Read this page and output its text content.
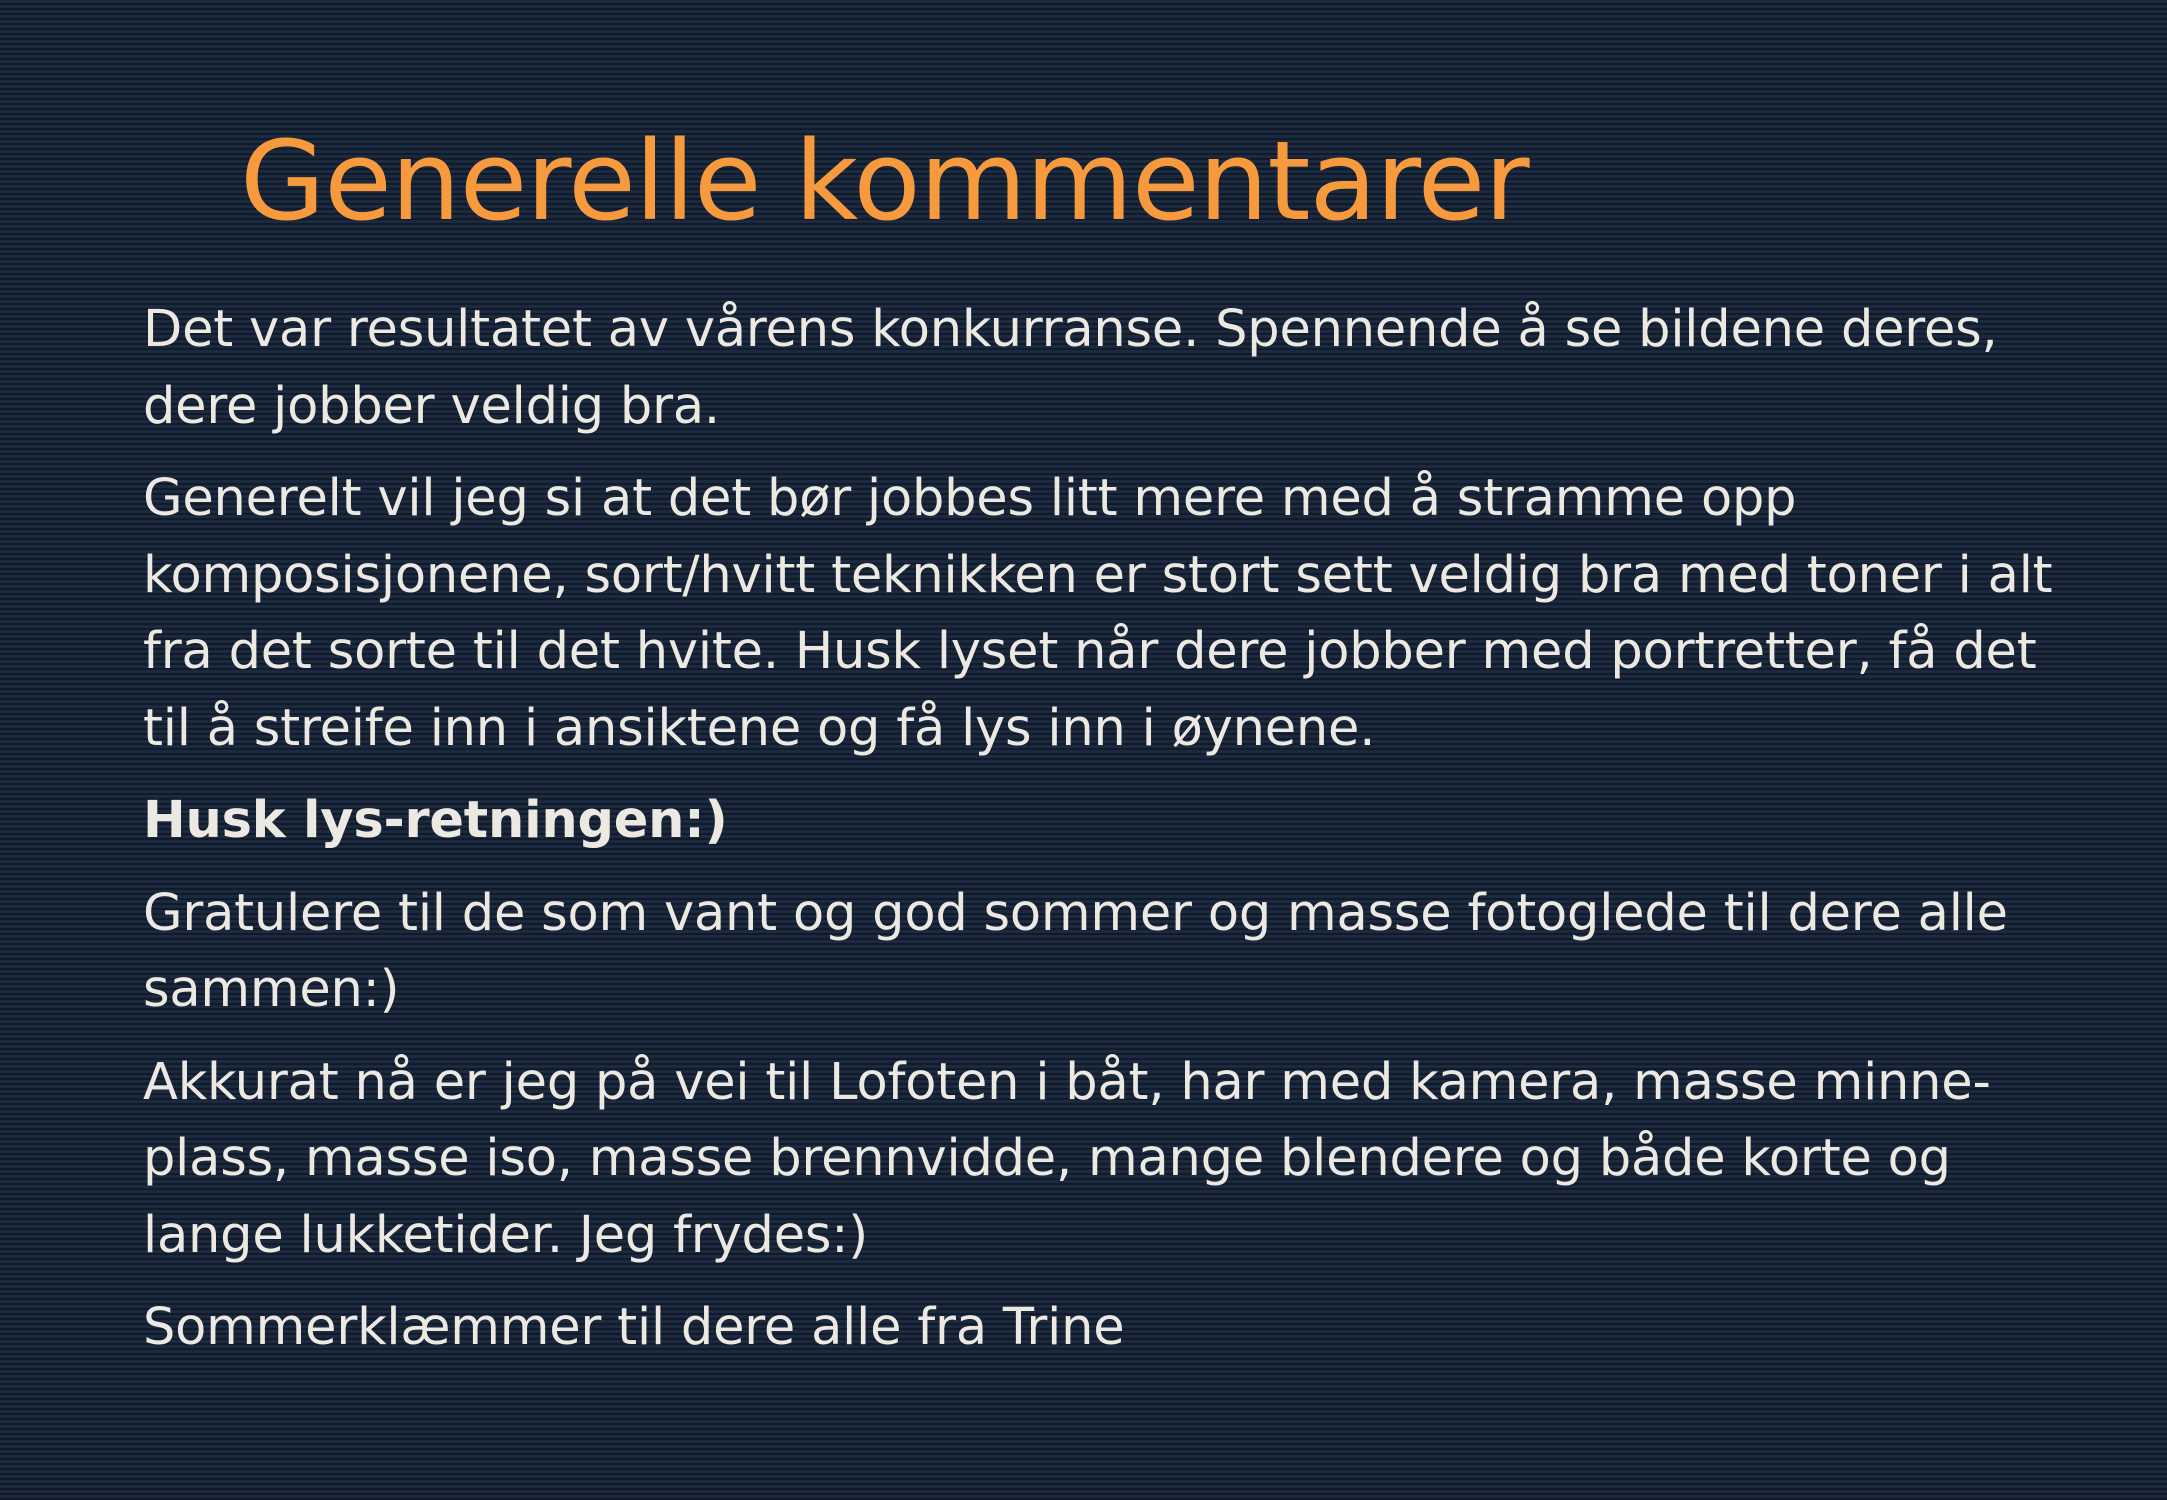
Generelle kommentarer

Det var resultatet av vårens konkurranse. Spennende å se bildene deres, dere jobber veldig bra.

Generelt vil jeg si at det bør jobbes litt mere med å stramme opp komposisjonene, sort/hvitt teknikken er stort sett veldig bra med toner i alt fra det sorte til det hvite. Husk lyset når dere jobber med portretter, få det til å streife inn i ansiktene og få lys inn i øynene.

Husk lys-retningen:)

Gratulere til de som vant og god sommer og masse fotoglede til dere alle sammen:)

Akkurat nå er jeg på vei til Lofoten i båt, har med kamera, masse minne-plass, masse iso, masse brennvidde, mange blendere og både korte og lange lukketider. Jeg frydes:)

Sommerklæmmer til dere alle fra Trine
